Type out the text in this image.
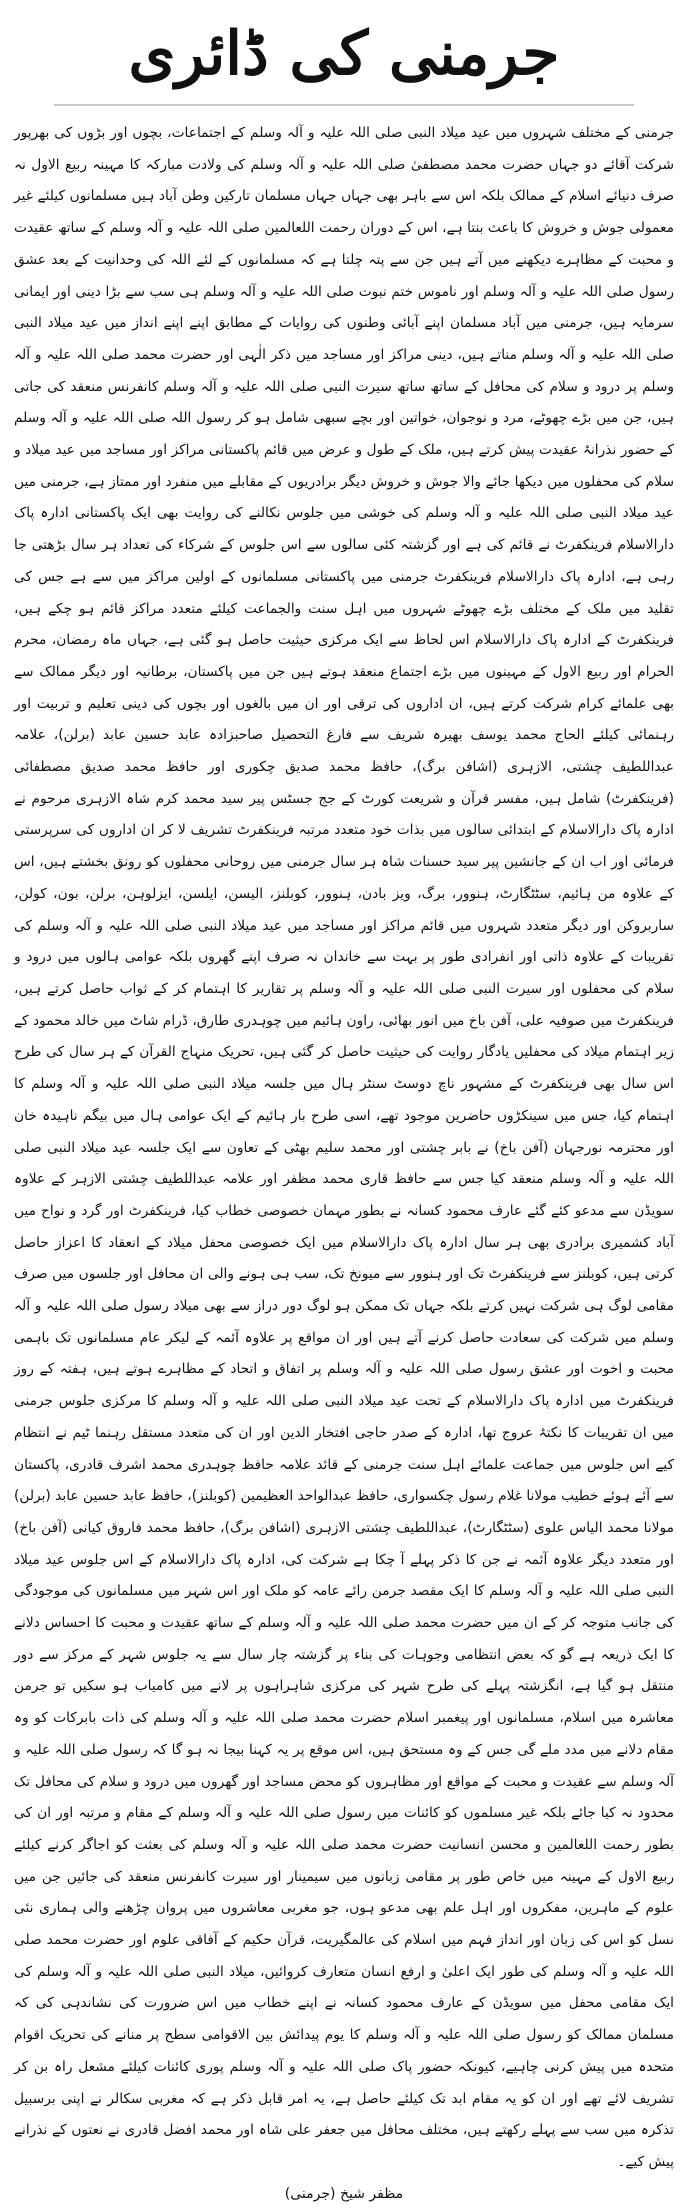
جرمنی کی ڈائری

جرمنی کے مختلف شہروں میں عید میلاد النبی صلی اللہ علیہ و آلہ وسلم کے اجتماعات، بچوں اور بڑوں کی بھرپور شرکت آقائے دو جہاں حضرت محمد مصطفیٰ صلی اللہ علیہ و آلہ وسلم کی ولادت مبارکہ کا مہینہ ربیع الاول نہ صرف دنیائے اسلام کے ممالک بلکہ اس سے باہر بھی جہاں جہاں مسلمان تارکین وطن آباد ہیں مسلمانوں کیلئے غیر معمولی جوش و خروش کا باعث بنتا ہے، اس کے دوران رحمت اللعالمین صلی اللہ علیہ و آلہ وسلم کے ساتھ عقیدت و محبت کے مظاہرے دیکھنے میں آتے ہیں جن سے پتہ چلتا ہے کہ مسلمانوں کے لئے اللہ کی وحدانیت کے بعد عشق رسول صلی اللہ علیہ و آلہ وسلم اور ناموس ختم نبوت صلی اللہ علیہ و آلہ وسلم ہی سب سے بڑا دینی اور ایمانی سرمایہ ہیں، جرمنی میں آباد مسلمان اپنے آبائی وطنوں کی روایات کے مطابق اپنے اپنے انداز میں عید میلاد النبی صلی اللہ علیہ و آلہ وسلم مناتے ہیں، دینی مراکز اور مساجد میں ذکر الٰہی اور حضرت محمد صلی اللہ علیہ و آلہ وسلم پر درود و سلام کی محافل کے ساتھ ساتھ سیرت النبی صلی اللہ علیہ و آلہ وسلم کانفرنس منعقد کی جاتی ہیں، جن میں بڑے چھوٹے، مرد و نوجوان، خواتین اور بچے سبھی شامل ہو کر رسول اللہ صلی اللہ علیہ و آلہ وسلم کے حضور نذرانۂ عقیدت پیش کرتے ہیں، ملک کے طول و عرض میں قائم پاکستانی مراکز اور مساجد میں عید میلاد و سلام کی محفلوں میں دیکھا جائے والا جوش و خروش دیگر برادریوں کے مقابلے میں منفرد اور ممتاز ہے، جرمنی میں عید میلاد النبی صلی اللہ علیہ و آلہ وسلم کی خوشی میں جلوس نکالنے کی روایت بھی ایک پاکستانی ادارہ پاک دارالاسلام فرینکفرٹ نے قائم کی ہے اور گزشتہ کئی سالوں سے اس جلوس کے شرکاء کی تعداد ہر سال بڑھتی جا رہی ہے، ادارہ پاک دارالاسلام فرینکفرٹ جرمنی میں پاکستانی مسلمانوں کے اولین مراکز میں سے ہے جس کی تقلید میں ملک کے مختلف بڑے چھوٹے شہروں میں اہل سنت والجماعت کیلئے متعدد مراکز قائم ہو چکے ہیں، فرینکفرٹ کے ادارہ پاک دارالاسلام اس لحاظ سے ایک مرکزی حیثیت حاصل ہو گئی ہے، جہاں ماہ رمضان، محرم الحرام اور ربیع الاول کے مہینوں میں بڑے اجتماع منعقد ہوتے ہیں جن میں پاکستان، برطانیہ اور دیگر ممالک سے بھی علمائے کرام شرکت کرتے ہیں، ان اداروں کی ترقی اور ان میں بالغوں اور بچوں کی دینی تعلیم و تربیت اور رہنمائی کیلئے الحاج محمد یوسف بھیرہ شریف سے فارغ التحصیل صاحبزادہ عابد حسین عابد (برلن)، علامہ عبداللطیف چشتی، الازہری (اشافن برگ)، حافظ محمد صدیق چکوری اور حافظ محمد صدیق مصطفائی (فرینکفرٹ) شامل ہیں، مفسر قرآن و شریعت کورٹ کے جج جسٹس پیر سید محمد کرم شاہ الازہری مرحوم نے ادارہ پاک دارالاسلام کے ابتدائی سالوں میں بذات خود متعدد مرتبہ فرینکفرٹ تشریف لا کر ان اداروں کی سرپرستی فرمائی اور اب ان کے جانشین پیر سید حسنات شاہ ہر سال جرمنی میں روحانی محفلوں کو رونق بخشتے ہیں، اس کے علاوہ من ہائیم، سٹٹگارٹ، ہنوور، برگ، ویز بادن، ہنوور، کوبلنز، الیسن، ایلسن، ایزلوہن، برلن، بون، کولن، ساربروکن اور دیگر متعدد شہروں میں قائم مراکز اور مساجد میں عید میلاد النبی صلی اللہ علیہ و آلہ وسلم کی تقریبات کے علاوہ ذاتی اور انفرادی طور پر بہت سے خاندان نہ صرف اپنے گھروں بلکہ عوامی ہالوں میں درود و سلام کی محفلوں اور سیرت النبی صلی اللہ علیہ و آلہ وسلم پر تقاریر کا اہتمام کر کے ثواب حاصل کرتے ہیں، فرینکفرٹ میں صوفیہ علی، آفن باخ میں انور بھائی، راون ہائیم میں چوہدری طارق، ڈرام شاٹ میں خالد محمود کے زیر اہتمام میلاد کی محفلیں یادگار روایت کی حیثیت حاصل کر گئی ہیں، تحریک منہاج القرآن کے ہر سال کی طرح اس سال بھی فرینکفرٹ کے مشہور ناچ دوسٹ سنٹر ہال میں جلسہ میلاد النبی صلی اللہ علیہ و آلہ وسلم کا اہتمام کیا، جس میں سینکڑوں حاضرین موجود تھے، اسی طرح بار ہائیم کے ایک عوامی ہال میں بیگم ناہیدہ خان اور محترمہ نورجہان (آفن باخ) نے بابر چشتی اور محمد سلیم بھٹی کے تعاون سے ایک جلسہ عید میلاد النبی صلی اللہ علیہ و آلہ وسلم منعقد کیا جس سے حافظ قاری محمد مظفر اور علامہ عبداللطیف چشتی الازہر کے علاوہ سویڈن سے مدعو کئے گئے عارف محمود کسانہ نے بطور مہمان خصوصی خطاب کیا، فرینکفرٹ اور گرد و نواح میں آباد کشمیری برادری بھی ہر سال ادارہ پاک دارالاسلام میں ایک خصوصی محفل میلاد کے انعقاد کا اعزاز حاصل کرتی ہیں، کوبلنز سے فرینکفرٹ تک اور ہنوور سے میونخ تک، سب ہی ہونے والی ان محافل اور جلسوں میں صرف مقامی لوگ ہی شرکت نہیں کرتے بلکہ جہاں تک ممکن ہو لوگ دور دراز سے بھی میلاد رسول صلی اللہ علیہ و آلہ وسلم میں شرکت کی سعادت حاصل کرنے آتے ہیں اور ان مواقع پر علاوہ آئمہ کے لیکر عام مسلمانوں تک باہمی محبت و اخوت اور عشق رسول صلی اللہ علیہ و آلہ وسلم پر اتفاق و اتحاد کے مظاہرے ہوتے ہیں، ہفتہ کے روز فرینکفرٹ میں ادارہ پاک دارالاسلام کے تحت عید میلاد النبی صلی اللہ علیہ و آلہ وسلم کا مرکزی جلوس جرمنی میں ان تقریبات کا نکتۂ عروج تھا، ادارہ کے صدر حاجی افتخار الدین اور ان کی متعدد مستقل رہنما ٹیم نے انتظام کیے اس جلوس میں جماعت علمائے اہل سنت جرمنی کے قائد علامہ حافظ چوہدری محمد اشرف قادری، پاکستان سے آئے ہوئے خطیب مولانا غلام رسول چکسواری، حافظ عبدالواحد العظیمین (کوبلنز)، حافظ عابد حسین عابد (برلن) مولانا محمد الیاس علوی (سٹٹگارٹ)، عبداللطیف چشتی الازہری (اشافن برگ)، حافظ محمد فاروق کیانی (آفن باخ) اور متعدد دیگر علاوہ آئمہ نے جن کا ذکر پہلے آ چکا ہے شرکت کی، ادارہ پاک دارالاسلام کے اس جلوس عید میلاد النبی صلی اللہ علیہ و آلہ وسلم کا ایک مقصد جرمن رائے عامہ کو ملک اور اس شہر میں مسلمانوں کی موجودگی کی جانب متوجہ کر کے ان میں حضرت محمد صلی اللہ علیہ و آلہ وسلم کے ساتھ عقیدت و محبت کا احساس دلانے کا ایک ذریعہ ہے گو کہ بعض انتظامی وجوہات کی بناء پر گزشتہ چار سال سے یہ جلوس شہر کے مرکز سے دور منتقل ہو گیا ہے، انگزشتہ پہلے کی طرح شہر کی مرکزی شاہراہوں پر لانے میں کامیاب ہو سکیں تو جرمن معاشرہ میں اسلام، مسلمانوں اور پیغمبر اسلام حضرت محمد صلی اللہ علیہ و آلہ وسلم کی ذات بابرکات کو وہ مقام دلانے میں مدد ملے گی جس کے وہ مستحق ہیں، اس موقع پر یہ کہنا بیجا نہ ہو گا کہ رسول صلی اللہ علیہ و آلہ وسلم سے عقیدت و محبت کے مواقع اور مظاہروں کو محض مساجد اور گھروں میں درود و سلام کی محافل تک محدود نہ کیا جائے بلکہ غیر مسلموں کو کائنات میں رسول صلی اللہ علیہ و آلہ وسلم کے مقام و مرتبہ اور ان کی بطور رحمت اللعالمین و محسن انسانیت حضرت محمد صلی اللہ علیہ و آلہ وسلم کی بعثت کو اجاگر کرنے کیلئے ربیع الاول کے مہینہ میں خاص طور پر مقامی زبانوں میں سیمینار اور سیرت کانفرنس منعقد کی جائیں جن میں علوم کے ماہرین، مفکروں اور اہل علم بھی مدعو ہوں، جو مغربی معاشروں میں پروان چڑھنے والی ہماری نئی نسل کو اس کی زبان اور انداز فہم میں اسلام کی عالمگیریت، قرآن حکیم کے آفاقی علوم اور حضرت محمد صلی اللہ علیہ و آلہ وسلم کی طور ایک اعلیٰ و ارفع انسان متعارف کروائیں، میلاد النبی صلی اللہ علیہ و آلہ وسلم کی ایک مقامی محفل میں سویڈن کے عارف محمود کسانہ نے اپنے خطاب میں اس ضرورت کی نشاندہی کی کہ مسلمان ممالک کو رسول صلی اللہ علیہ و آلہ وسلم کا یوم پیدائش بین الاقوامی سطح پر منانے کی تحریک اقوام متحدہ میں پیش کرنی چاہیے، کیونکہ حضور پاک صلی اللہ علیہ و آلہ وسلم پوری کائنات کیلئے مشعل راہ بن کر تشریف لائے تھے اور ان کو یہ مقام ابد تک کیلئے حاصل ہے، یہ امر قابل ذکر ہے کہ مغربی سکالر نے اپنی برسبیل تذکرہ میں سب سے پہلے رکھتے ہیں، مختلف محافل میں جعفر علی شاہ اور محمد افضل قادری نے نعتوں کے نذرانے پیش کیے۔

مظفر شیخ (جرمنی)
